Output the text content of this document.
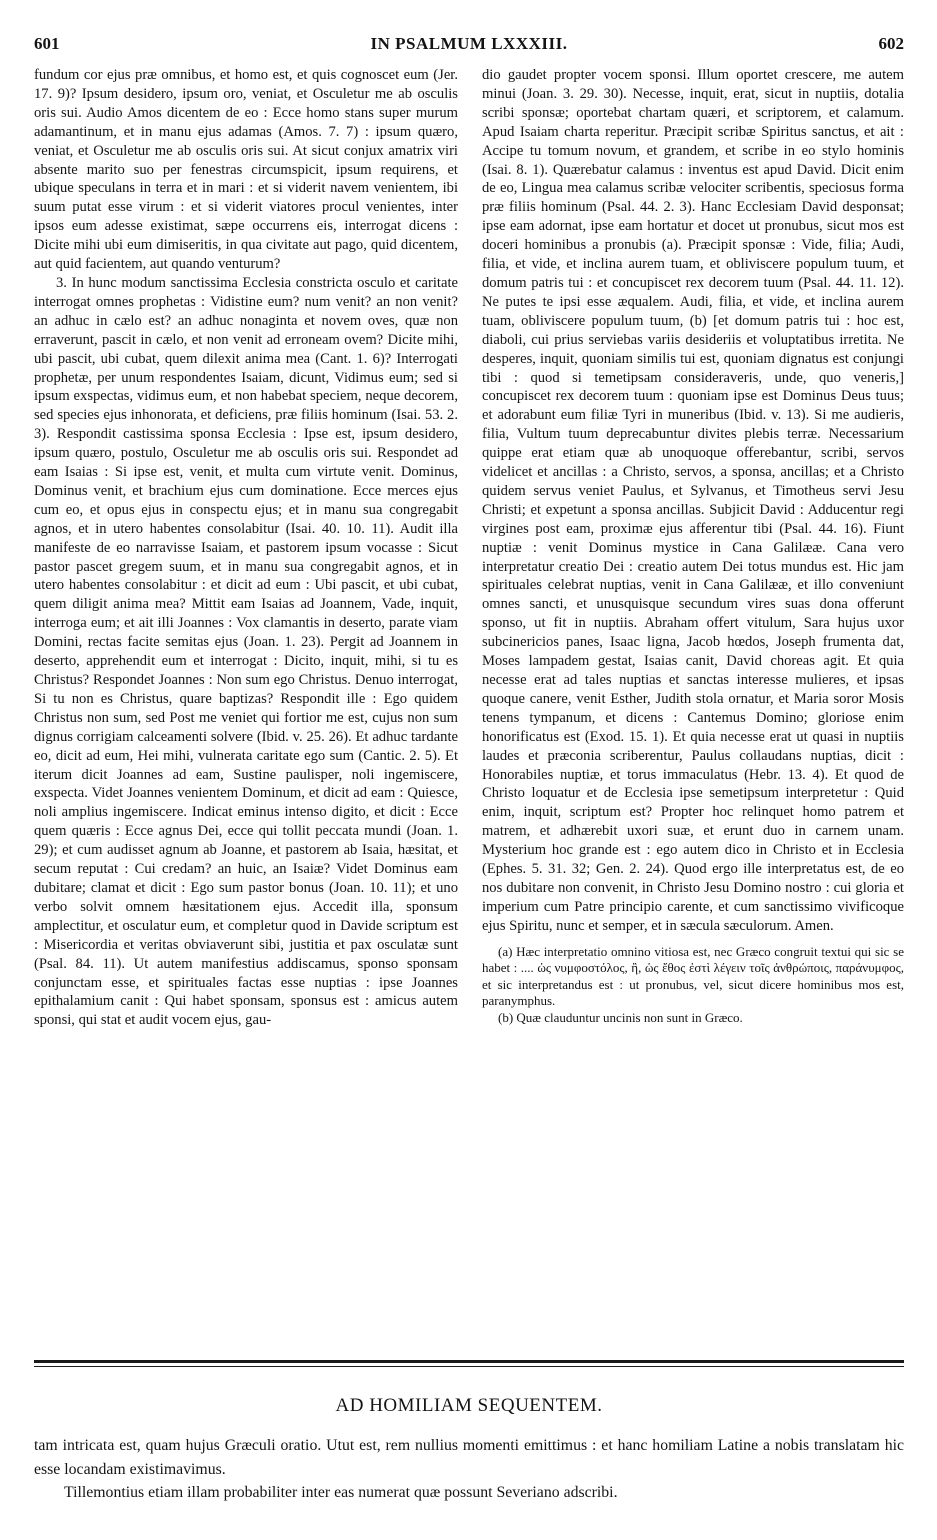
601	IN PSALMUM LXXXIII.	602

fundum cor ejus præ omnibus, et homo est, et quis cognoscet eum (Jer. 17. 9)? Ipsum desidero, ipsum oro, veniat, et Osculetur me ab osculis oris sui. Audio Amos dicentem de eo : Ecce homo stans super murum adamantinum, et in manu ejus adamas (Amos. 7. 7) : ipsum quæro, veniat, et Osculetur me ab osculis oris sui. At sicut conjux amatrix viri absente marito suo per fenestras circumspicit, ipsum requirens, et ubique speculans in terra et in mari : et si viderit navem venientem, ibi suum putat esse virum : et si viderit viatores procul venientes, inter ipsos eum adesse existimat, sæpe occurrens eis, interrogat dicens : Dicite mihi ubi eum dimiseritis, in qua civitate aut pago, quid dicentem, aut quid facientem, aut quando venturum?

3. In hunc modum sanctissima Ecclesia constricta osculo et caritate interrogat omnes prophetas : Vidistine eum? num venit? an non venit? an adhuc in cælo est? an adhuc nonaginta et novem oves, quæ non erraverunt, pascit in cælo, et non venit ad erroneam ovem? Dicite mihi, ubi pascit, ubi cubat, quem dilexit anima mea (Cant. 1. 6)? Interrogati prophetæ, per unum respondentes Isaiam, dicunt, Vidimus eum; sed si ipsum exspectas, vidimus eum, et non habebat speciem, neque decorem, sed species ejus inhonorata, et deficiens, præ filiis hominum (Isai. 53. 2. 3). Respondit castissima sponsa Ecclesia : Ipse est, ipsum desidero, ipsum quæro, postulo, Osculetur me ab osculis oris sui. Respondet ad eam Isaias : Si ipse est, venit, et multa cum virtute venit. Dominus, Dominus venit, et brachium ejus cum dominatione. Ecce merces ejus cum eo, et opus ejus in conspectu ejus; et in manu sua congregabit agnos, et in utero habentes consolabitur (Isai. 40. 10. 11). Audit illa manifeste de eo narravisse Isaiam, et pastorem ipsum vocasse : Sicut pastor pascet gregem suum, et in manu sua congregabit agnos, et in utero habentes consolabitur : et dicit ad eum : Ubi pascit, et ubi cubat, quem diligit anima mea? Mittit eam Isaias ad Joannem, Vade, inquit, interroga eum; et ait illi Joannes : Vox clamantis in deserto, parate viam Domini, rectas facite semitas ejus (Joan. 1. 23). Pergit ad Joannem in deserto, apprehendit eum et interrogat : Dicito, inquit, mihi, si tu es Christus? Respondet Joannes : Non sum ego Christus. Denuo interrogat, Si tu non es Christus, quare baptizas? Respondit ille : Ego quidem Christus non sum, sed Post me veniet qui fortior me est, cujus non sum dignus corrigiam calceamenti solvere (Ibid. v. 25. 26). Et adhuc tardante eo, dicit ad eum, Hei mihi, vulnerata caritate ego sum (Cantic. 2. 5). Et iterum dicit Joannes ad eam, Sustine paulisper, noli ingemiscere, exspecta. Videt Joannes venientem Dominum, et dicit ad eam : Quiesce, noli amplius ingemiscere. Indicat eminus intenso digito, et dicit : Ecce quem quæris : Ecce agnus Dei, ecce qui tollit peccata mundi (Joan. 1. 29); et cum audisset agnum ab Joanne, et pastorem ab Isaia, hæsitat, et secum reputat : Cui credam? an huic, an Isaiæ? Videt Dominus eam dubitare; clamat et dicit : Ego sum pastor bonus (Joan. 10. 11); et uno verbo solvit omnem hæsitationem ejus. Accedit illa, sponsum amplectitur, et osculatur eum, et completur quod in Davide scriptum est : Misericordia et veritas obviaverunt sibi, justitia et pax osculatæ sunt (Psal. 84. 11). Ut autem manifestius addiscamus, sponso sponsam conjunctam esse, et spirituales factas esse nuptias : ipse Joannes epithalamium canit : Qui habet sponsam, sponsus est : amicus autem sponsi, qui stat et audit vocem ejus, gau-

dio gaudet propter vocem sponsi. Illum oportet crescere, me autem minui (Joan. 3. 29. 30). Necesse, inquit, erat, sicut in nuptiis, dotalia scribi sponsæ; oportebat chartam quæri, et scriptorem, et calamum. Apud Isaiam charta reperitur. Præcipit scribæ Spiritus sanctus, et ait : Accipe tu tomum novum, et grandem, et scribe in eo stylo hominis (Isai. 8. 1). Quærebatur calamus : inventus est apud David. Dicit enim de eo, Lingua mea calamus scribæ velociter scribentis, speciosus forma præ filiis hominum (Psal. 44. 2. 3). Hanc Ecclesiam David desponsat; ipse eam adornat, ipse eam hortatur et docet ut pronubus, sicut mos est doceri hominibus a pronubis (a). Præcipit sponsæ : Vide, filia; Audi, filia, et vide, et inclina aurem tuam, et obliviscere populum tuum, et domum patris tui : et concupiscet rex decorem tuum (Psal. 44. 11. 12). Ne putes te ipsi esse æqualem. Audi, filia, et vide, et inclina aurem tuam, obliviscere populum tuum, (b) [et domum patris tui : hoc est, diaboli, cui prius serviebas variis desideriis et voluptatibus irretita. Ne desperes, inquit, quoniam similis tui est, quoniam dignatus est conjungi tibi : quod si temetipsam consideraveris, unde, quo veneris,] concupiscet rex decorem tuum : quoniam ipse est Dominus Deus tuus; et adorabunt eum filiæ Tyri in muneribus (Ibid. v. 13). Si me audieris, filia, Vultum tuum deprecabuntur divites plebis terræ. Necessarium quippe erat etiam quæ ab unoquoque offerebantur, scribi, servos videlicet et ancillas : a Christo, servos, a sponsa, ancillas; et a Christo quidem servus veniet Paulus, et Sylvanus, et Timotheus servi Jesu Christi; et expetunt a sponsa ancillas. Subjicit David : Adducentur regi virgines post eam, proximæ ejus afferentur tibi (Psal. 44. 16). Fiunt nuptiæ : venit Dominus mystice in Cana Galilææ. Cana vero interpretatur creatio Dei : creatio autem Dei totus mundus est. Hic jam spirituales celebrat nuptias, venit in Cana Galilææ, et illo conveniunt omnes sancti, et unusquisque secundum vires suas dona offerunt sponso, ut fit in nuptiis. Abraham offert vitulum, Sara hujus uxor subcinericios panes, Isaac ligna, Jacob hœdos, Joseph frumenta dat, Moses lampadem gestat, Isaias canit, David choreas agit. Et quia necesse erat ad tales nuptias et sanctas interesse mulieres, et ipsas quoque canere, venit Esther, Judith stola ornatur, et Maria soror Mosis tenens tympanum, et dicens : Cantemus Domino; gloriose enim honorificatus est (Exod. 15. 1). Et quia necesse erat ut quasi in nuptiis laudes et præconia scriberentur, Paulus collaudans nuptias, dicit : Honorabiles nuptiæ, et torus immaculatus (Hebr. 13. 4). Et quod de Christo loquatur et de Ecclesia ipse semetipsum interpretetur : Quid enim, inquit, scriptum est? Propter hoc relinquet homo patrem et matrem, et adhærebit uxori suæ, et erunt duo in carnem unam. Mysterium hoc grande est : ego autem dico in Christo et in Ecclesia (Ephes. 5. 31. 32; Gen. 2. 24). Quod ergo ille interpretatus est, de eo nos dubitare non convenit, in Christo Jesu Domino nostro : cui gloria et imperium cum Patre principio carente, et cum sanctissimo vivificoque ejus Spiritu, nunc et semper, et in sæcula sæculorum. Amen.

(a) Hæc interpretatio omnino vitiosa est, nec Græco congruit textui qui sic se habet : .... ὡς νυμφοστόλος, ἢ, ὡς ἔθος ἐστὶ λέγειν τοῖς ἀνθρώποις, παράνυμφος, et sic interpretandus est : ut pronubus, vel, sicut dicere hominibus mos est, paranymphus.

(b) Quæ clauduntur uncinis non sunt in Græco.

AD HOMILIAM SEQUENTEM.

tam intricata est, quam hujus Græculi oratio. Utut est, rem nullius momenti emittimus : et hanc homiliam Latine a nobis translatam hic esse locandam existimavimus.

Tillemontius etiam illam probabiliter inter eas numerat quæ possunt Severiano adscribi.
